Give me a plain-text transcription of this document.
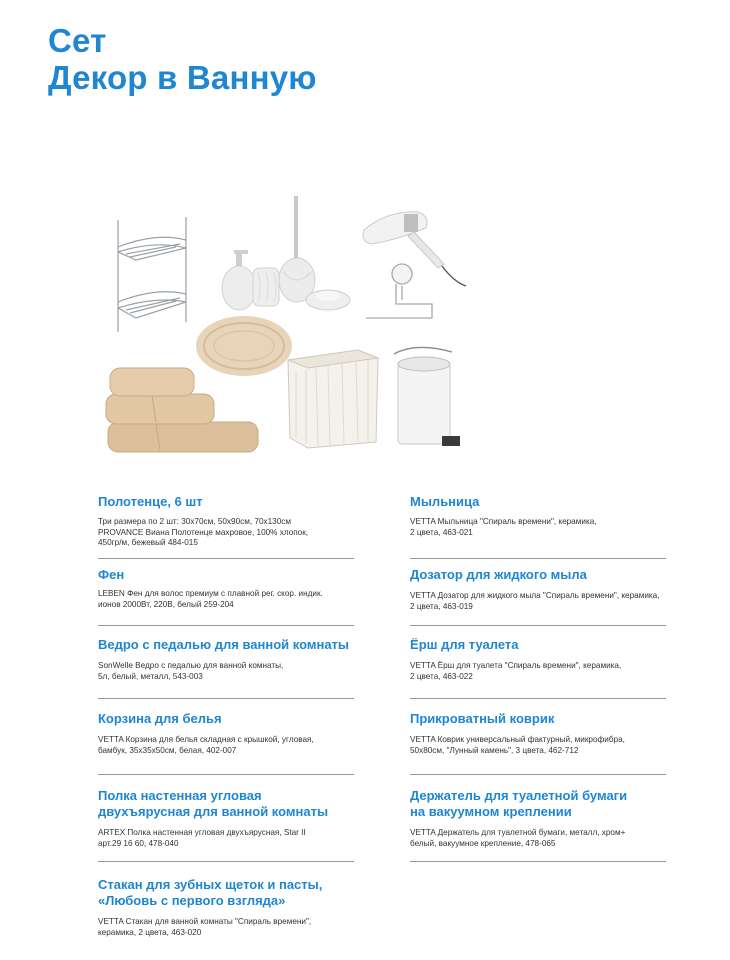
Сет
Декор в Ванную
Полотенце, 6 шт

Три размера по 2 шт: 30х70см, 50х90см, 70х130см

PROVANCE Виана Полотенце махровое, 100% хлопок,

450гр/м, бежевый 484-015

Фен

LEBEN Фен для волос премиум с плавной рег. скор. индик.

ионов 2000Вт, 220В, белый 259-204

Ведро с педалью для ванной комнаты

SonWelle Ведро с педалью для ванной комнаты,

5л, белый, металл, 543-003

Корзина для белья

VETTA Корзина для белья складная с крышкой, угловая,

бамбук, 35х35х50см, белая, 402-007

Полка настенная угловая
двухъярусная для ванной комнаты

ARTEX Полка настенная угловая двухъярусная, Star II

арт.29 16 60, 478-040

Стакан для зубных щеток и пасты,
«Любовь с первого взгляда»

VETTA Стакан для ванной комнаты "Спираль времени",

керамика, 2 цвета, 463-020

Мыльница

VETTA Мыльница "Спираль времени", керамика,

2 цвета, 463-021

Дозатор для жидкого мыла

VETTA Дозатор для жидкого мыла "Спираль времени", керамика,

2 цвета, 463-019

Ёрш для туалета

VETTA Ёрш для туалета "Спираль времени", керамика,

2 цвета, 463-022

Прикроватный коврик

VETTA Коврик универсальный фактурный, микрофибра,

50х80см, "Лунный камень", 3 цвета, 462-712

Держатель для туалетной бумаги
на вакуумном креплении

VETTA Держатель для туалетной бумаги, металл, хром+

белый, вакуумное крепление, 478-065
